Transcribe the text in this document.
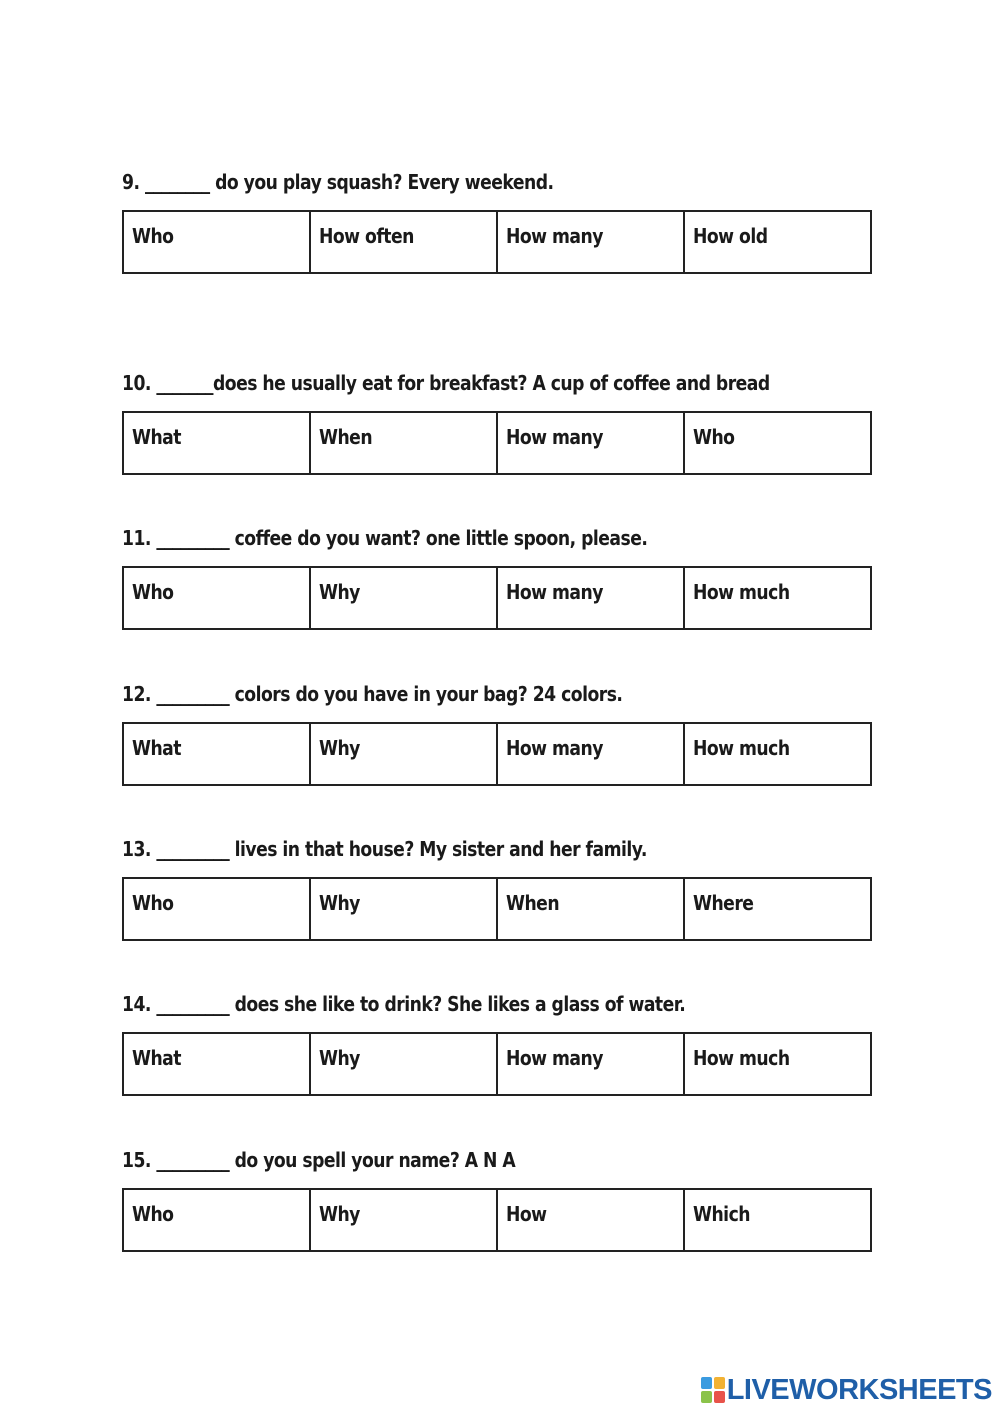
9. ________ do you play squash? Every weekend.
Who	How often	How many	How old
10. _______does he usually eat for breakfast? A cup of coffee and bread
What	When	How many	Who
11. _________ coffee do you want? one little spoon, please.
Who	Why	How many	How much
12. _________ colors do you have in your bag? 24 colors.
What	Why	How many	How much
13. _________ lives in that house? My sister and her family.
Who	Why	When	Where
14. _________ does she like to drink? She likes a glass of water.
What	Why	How many	How much
15. _________ do you spell your name? A N A
Who	Why	How	Which
LIVEWORKSHEETS
